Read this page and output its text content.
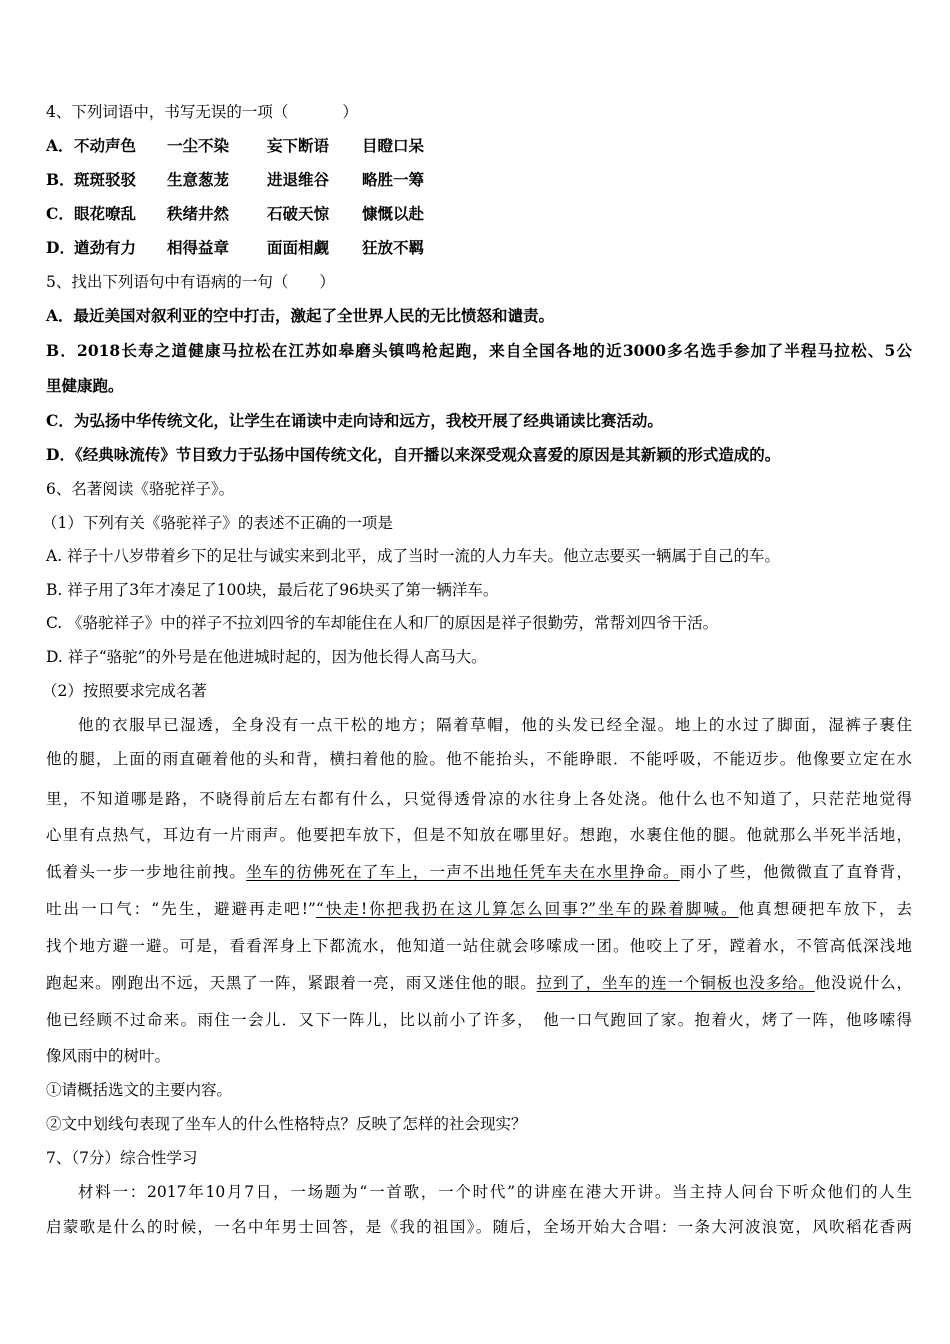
4、下列词语中，书写无误的一项（	）
A．不动声色 一尘不染 妄下断语 目瞪口呆
B．斑斑驳驳 生意葱茏 进退维谷 略胜一筹
C．眼花嘹乱 秩绪井然 石破天惊 慷慨以赴
D．遒劲有力 相得益章 面面相觑 狂放不羁
5、找出下列语句中有语病的一句（　　）
A．最近美国对叙利亚的空中打击，激起了全世界人民的无比愤怒和谴责。
B．2018长寿之道健康马拉松在江苏如皋磨头镇鸣枪起跑，来自全国各地的近3000多名选手参加了半程马拉松、5公
里健康跑。
C．为弘扬中华传统文化，让学生在诵读中走向诗和远方，我校开展了经典诵读比赛活动。
D．《经典咏流传》节目致力于弘扬中国传统文化，自开播以来深受观众喜爱的原因是其新颖的形式造成的。
6、名著阅读《骆驼祥子》。
（1）下列有关《骆驼祥子》的表述不正确的一项是
A. 祥子十八岁带着乡下的足壮与诚实来到北平，成了当时一流的人力车夫。他立志要买一辆属于自己的车。
B. 祥子用了3年才凑足了100块，最后花了96块买了第一辆洋车。
C. 《骆驼祥子》中的祥子不拉刘四爷的车却能住在人和厂的原因是祥子很勤劳，常帮刘四爷干活。
D. 祥子“骆驼”的外号是在他进城时起的，因为他长得人高马大。
（2）按照要求完成名著
他的衣服早已湿透，全身没有一点干松的地方；隔着草帽，他的头发已经全湿。地上的水过了脚面，湿裤子裹住
他的腿，上面的雨直砸着他的头和背，横扫着他的脸。他不能抬头，不能睁眼．不能呼吸，不能迈步。他像要立定在水
里，不知道哪是路，不晓得前后左右都有什么，只觉得透骨凉的水往身上各处浇。他什么也不知道了，只茫茫地觉得
心里有点热气，耳边有一片雨声。他要把车放下，但是不知放在哪里好。想跑，水裹住他的腿。他就那么半死半活地，
低着头一步一步地往前拽。坐车的彷佛死在了车上，一声不出地任凭车夫在水里挣命。雨小了些，他微微直了直脊背，
吐出一口气：“先生，避避再走吧!”“快走!你把我扔在这儿算怎么回事?”坐车的跺着脚喊。他真想硬把车放下，去
找个地方避一避。可是，看看浑身上下都流水，他知道一站住就会哆嗦成一团。他咬上了牙，蹚着水，不管高低深浅地
跑起来。刚跑出不远，天黑了一阵，紧跟着一亮，雨又迷住他的眼。拉到了，坐车的连一个铜板也没多给。他没说什么，
他已经顾不过命来。雨住一会儿．又下一阵儿，比以前小了许多，　他一口气跑回了家。抱着火，烤了一阵，他哆嗦得
像风雨中的树叶。
①请概括选文的主要内容。
②文中划线句表现了坐车人的什么性格特点？反映了怎样的社会现实？
7、（7分）综合性学习
材料一：2017年10月7日，一场题为“一首歌，一个时代”的讲座在港大开讲。当主持人问台下听众他们的人生
启蒙歌是什么的时候，一名中年男士回答，是《我的祖国》。随后，全场开始大合唱：一条大河波浪宽，风吹稻花香两
